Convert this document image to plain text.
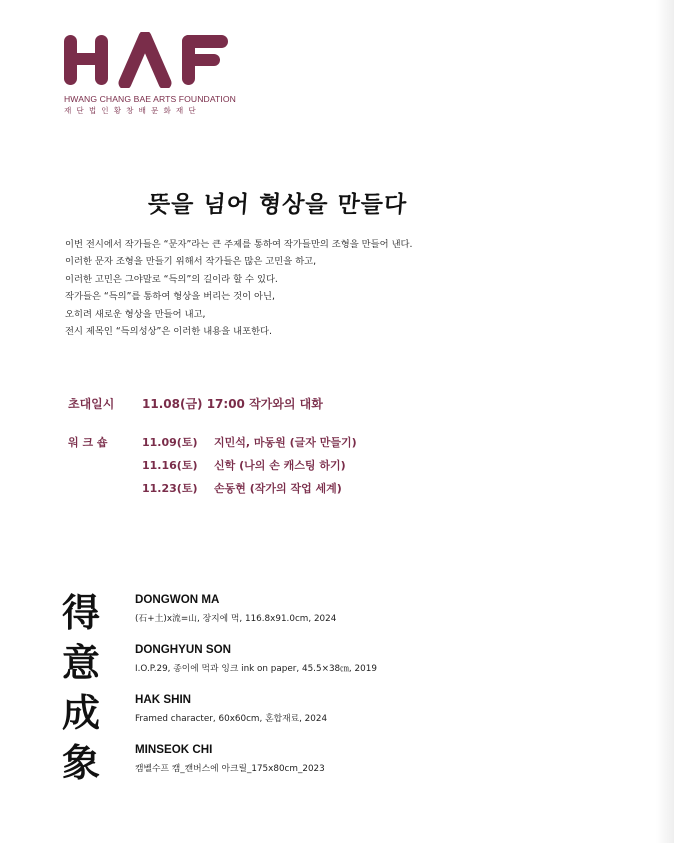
HWANG CHANG BAE ARTS FOUNDATION
재단법인황창배문화재단
뜻을 넘어 형상을 만들다

이번 전시에서 작가들은 “문자”라는 큰 주제를 통하여 작가들만의 조형을 만들어 낸다.

이러한 문자 조형을 만들기 위해서 작가들은 많은 고민을 하고,

이러한 고민은 그야말로 “득의”의 길이라 할 수 있다.

작가들은 “득의”를 통하여 형상을 버리는 것이 아닌,

오히려 새로운 형상을 만들어 내고,

전시 제목인 “득의성상”은 이러한 내용을 내포한다.

초대일시 11.08(금) 17:00 작가와의 대화
워 크 숍	11.09(토) 지민석, 마동원 (글자 만들기)
11.16(토) 신학 (나의 손 캐스팅 하기)
11.23(토) 손동현 (작가의 작업 세계)
得
意
成
象
DONGWON MA
(石+土)x流=山, 장지에 먹, 116.8x91.0cm, 2024
DONGHYUN SON
I.O.P.29, 종이에 먹과 잉크 ink on paper, 45.5×38㎝, 2019
HAK SHIN
Framed character, 60x60cm, 혼합재료, 2024
MINSEOK CHI
캠벨수프 캠_캔버스에 아크릴_175x80cm_2023
